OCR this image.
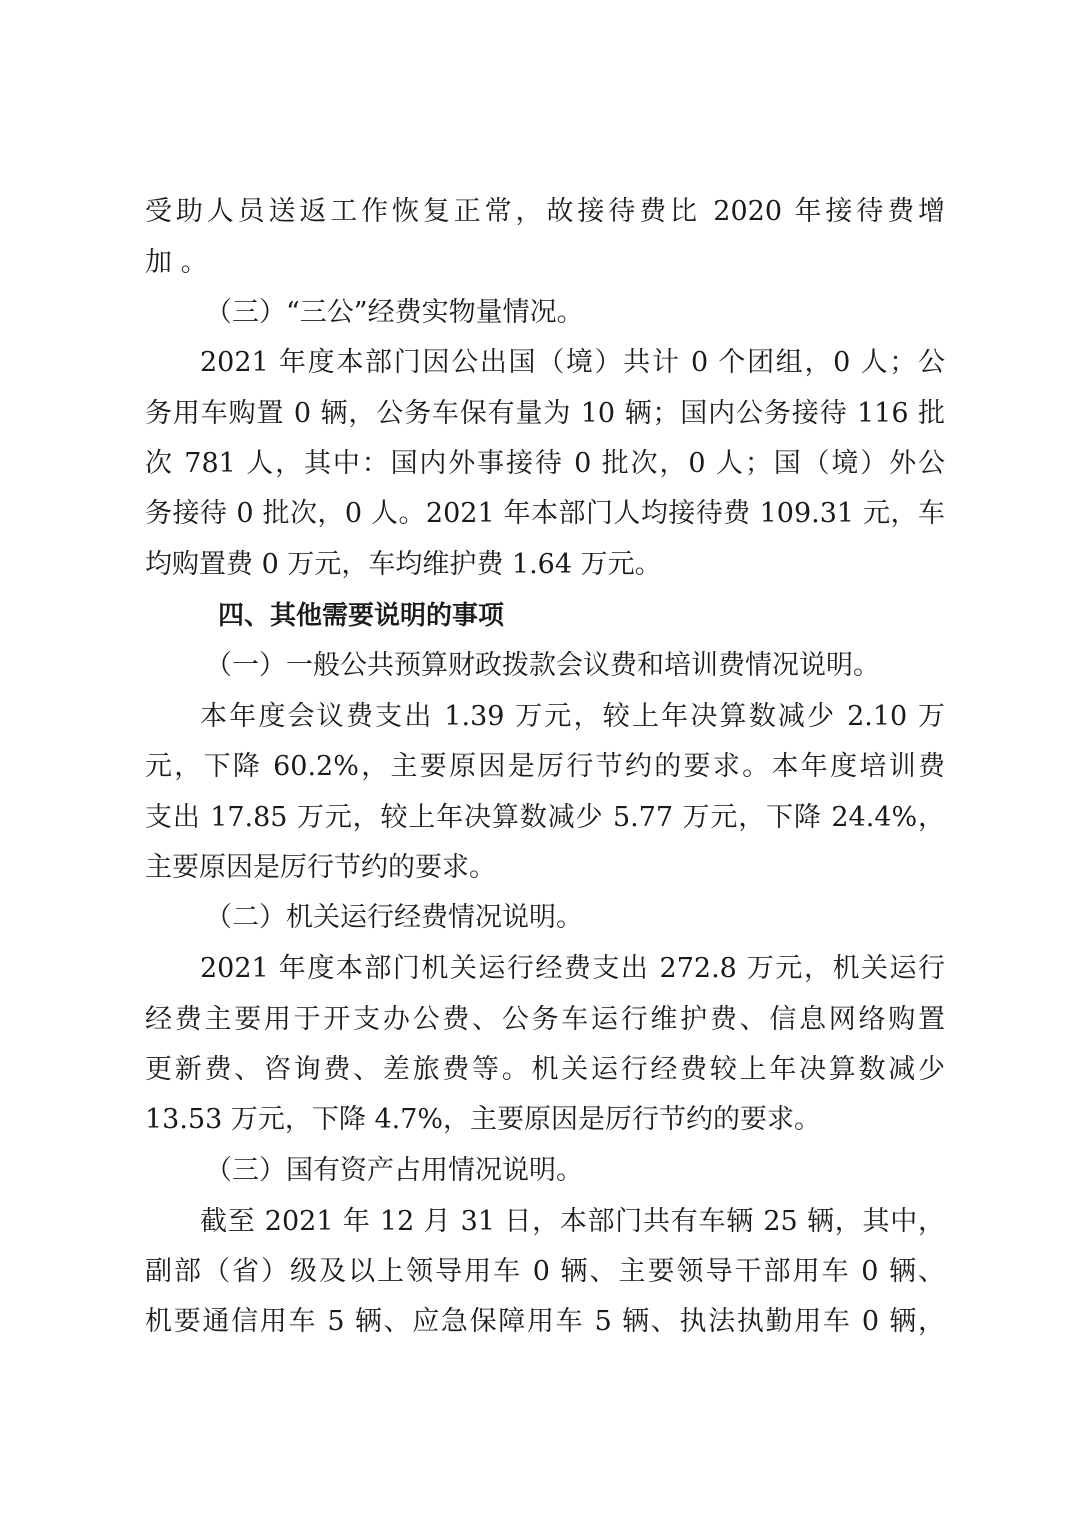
受助人员送返工作恢复正常，故接待费比 2020 年接待费增
加 。
（三）“三公”经费实物量情况。
2021 年度本部门因公出国（境）共计 0 个团组，0 人；公
务用车购置 0 辆，公务车保有量为 10 辆；国内公务接待 116 批
次 781 人，其中：国内外事接待 0 批次，0 人；国（境）外公
务接待 0 批次，0 人。2021 年本部门人均接待费 109.31 元，车
均购置费 0 万元，车均维护费 1.64 万元。
四、其他需要说明的事项
（一）一般公共预算财政拨款会议费和培训费情况说明。
本年度会议费支出 1.39 万元，较上年决算数减少 2.10 万
元，下降 60.2%，主要原因是厉行节约的要求。本年度培训费
支出 17.85 万元，较上年决算数减少 5.77 万元，下降 24.4%，
主要原因是厉行节约的要求。
（二）机关运行经费情况说明。
2021 年度本部门机关运行经费支出 272.8 万元，机关运行
经费主要用于开支办公费、公务车运行维护费、信息网络购置
更新费、咨询费、差旅费等。机关运行经费较上年决算数减少
13.53 万元，下降 4.7%，主要原因是厉行节约的要求。
（三）国有资产占用情况说明。
截至 2021 年 12 月 31 日，本部门共有车辆 25 辆，其中，
副部（省）级及以上领导用车 0 辆、主要领导干部用车 0 辆、
机要通信用车 5 辆、应急保障用车 5 辆、执法执勤用车 0 辆，
